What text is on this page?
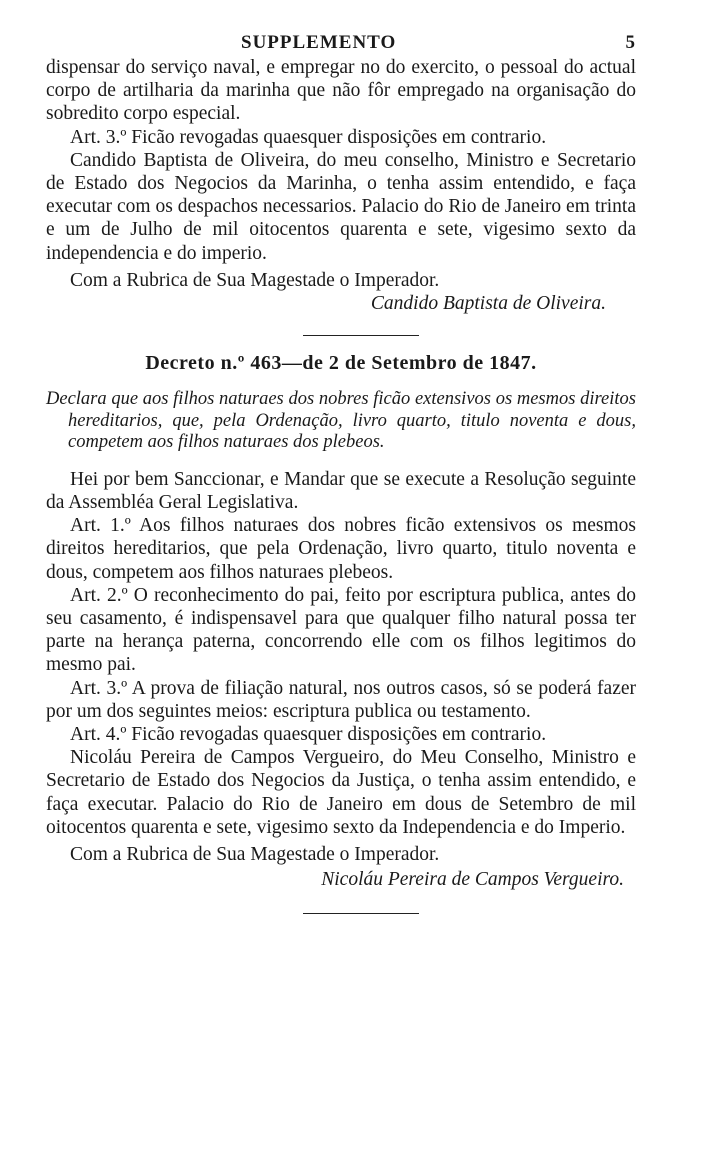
SUPPLEMENTO	5

dispensar do serviço naval, e empregar no do exercito, o pessoal do actual corpo de artilharia da marinha que não fôr empregado na organisação do sobredito corpo especial.

Art. 3.º Ficão revogadas quaesquer disposições em contrario.

Candido Baptista de Oliveira, do meu conselho, Ministro e Secretario de Estado dos Negocios da Marinha, o tenha assim entendido, e faça executar com os despachos necessarios. Palacio do Rio de Janeiro em trinta e um de Julho de mil oitocentos quarenta e sete, vigesimo sexto da independencia e do imperio.

Com a Rubrica de Sua Magestade o Imperador.

Candido Baptista de Oliveira.

Decreto n.º 463—de 2 de Setembro de 1847.

Declara que aos filhos naturaes dos nobres ficão extensivos os mesmos direitos hereditarios, que, pela Ordenação, livro quarto, titulo noventa e dous, competem aos filhos naturaes dos plebeos.

Hei por bem Sanccionar, e Mandar que se execute a Resolução seguinte da Assembléa Geral Legislativa.

Art. 1.º Aos filhos naturaes dos nobres ficão extensivos os mesmos direitos hereditarios, que pela Ordenação, livro quarto, titulo noventa e dous, competem aos filhos naturaes plebeos.

Art. 2.º O reconhecimento do pai, feito por escriptura publica, antes do seu casamento, é indispensavel para que qualquer filho natural possa ter parte na herança paterna, concorrendo elle com os filhos legitimos do mesmo pai.

Art. 3.º A prova de filiação natural, nos outros casos, só se poderá fazer por um dos seguintes meios: escriptura publica ou testamento.

Art. 4.º Ficão revogadas quaesquer disposições em contrario.

Nicoláu Pereira de Campos Vergueiro, do Meu Conselho, Ministro e Secretario de Estado dos Negocios da Justiça, o tenha assim entendido, e faça executar. Palacio do Rio de Janeiro em dous de Setembro de mil oitocentos quarenta e sete, vigesimo sexto da Independencia e do Imperio.

Com a Rubrica de Sua Magestade o Imperador.

Nicoláu Pereira de Campos Vergueiro.
